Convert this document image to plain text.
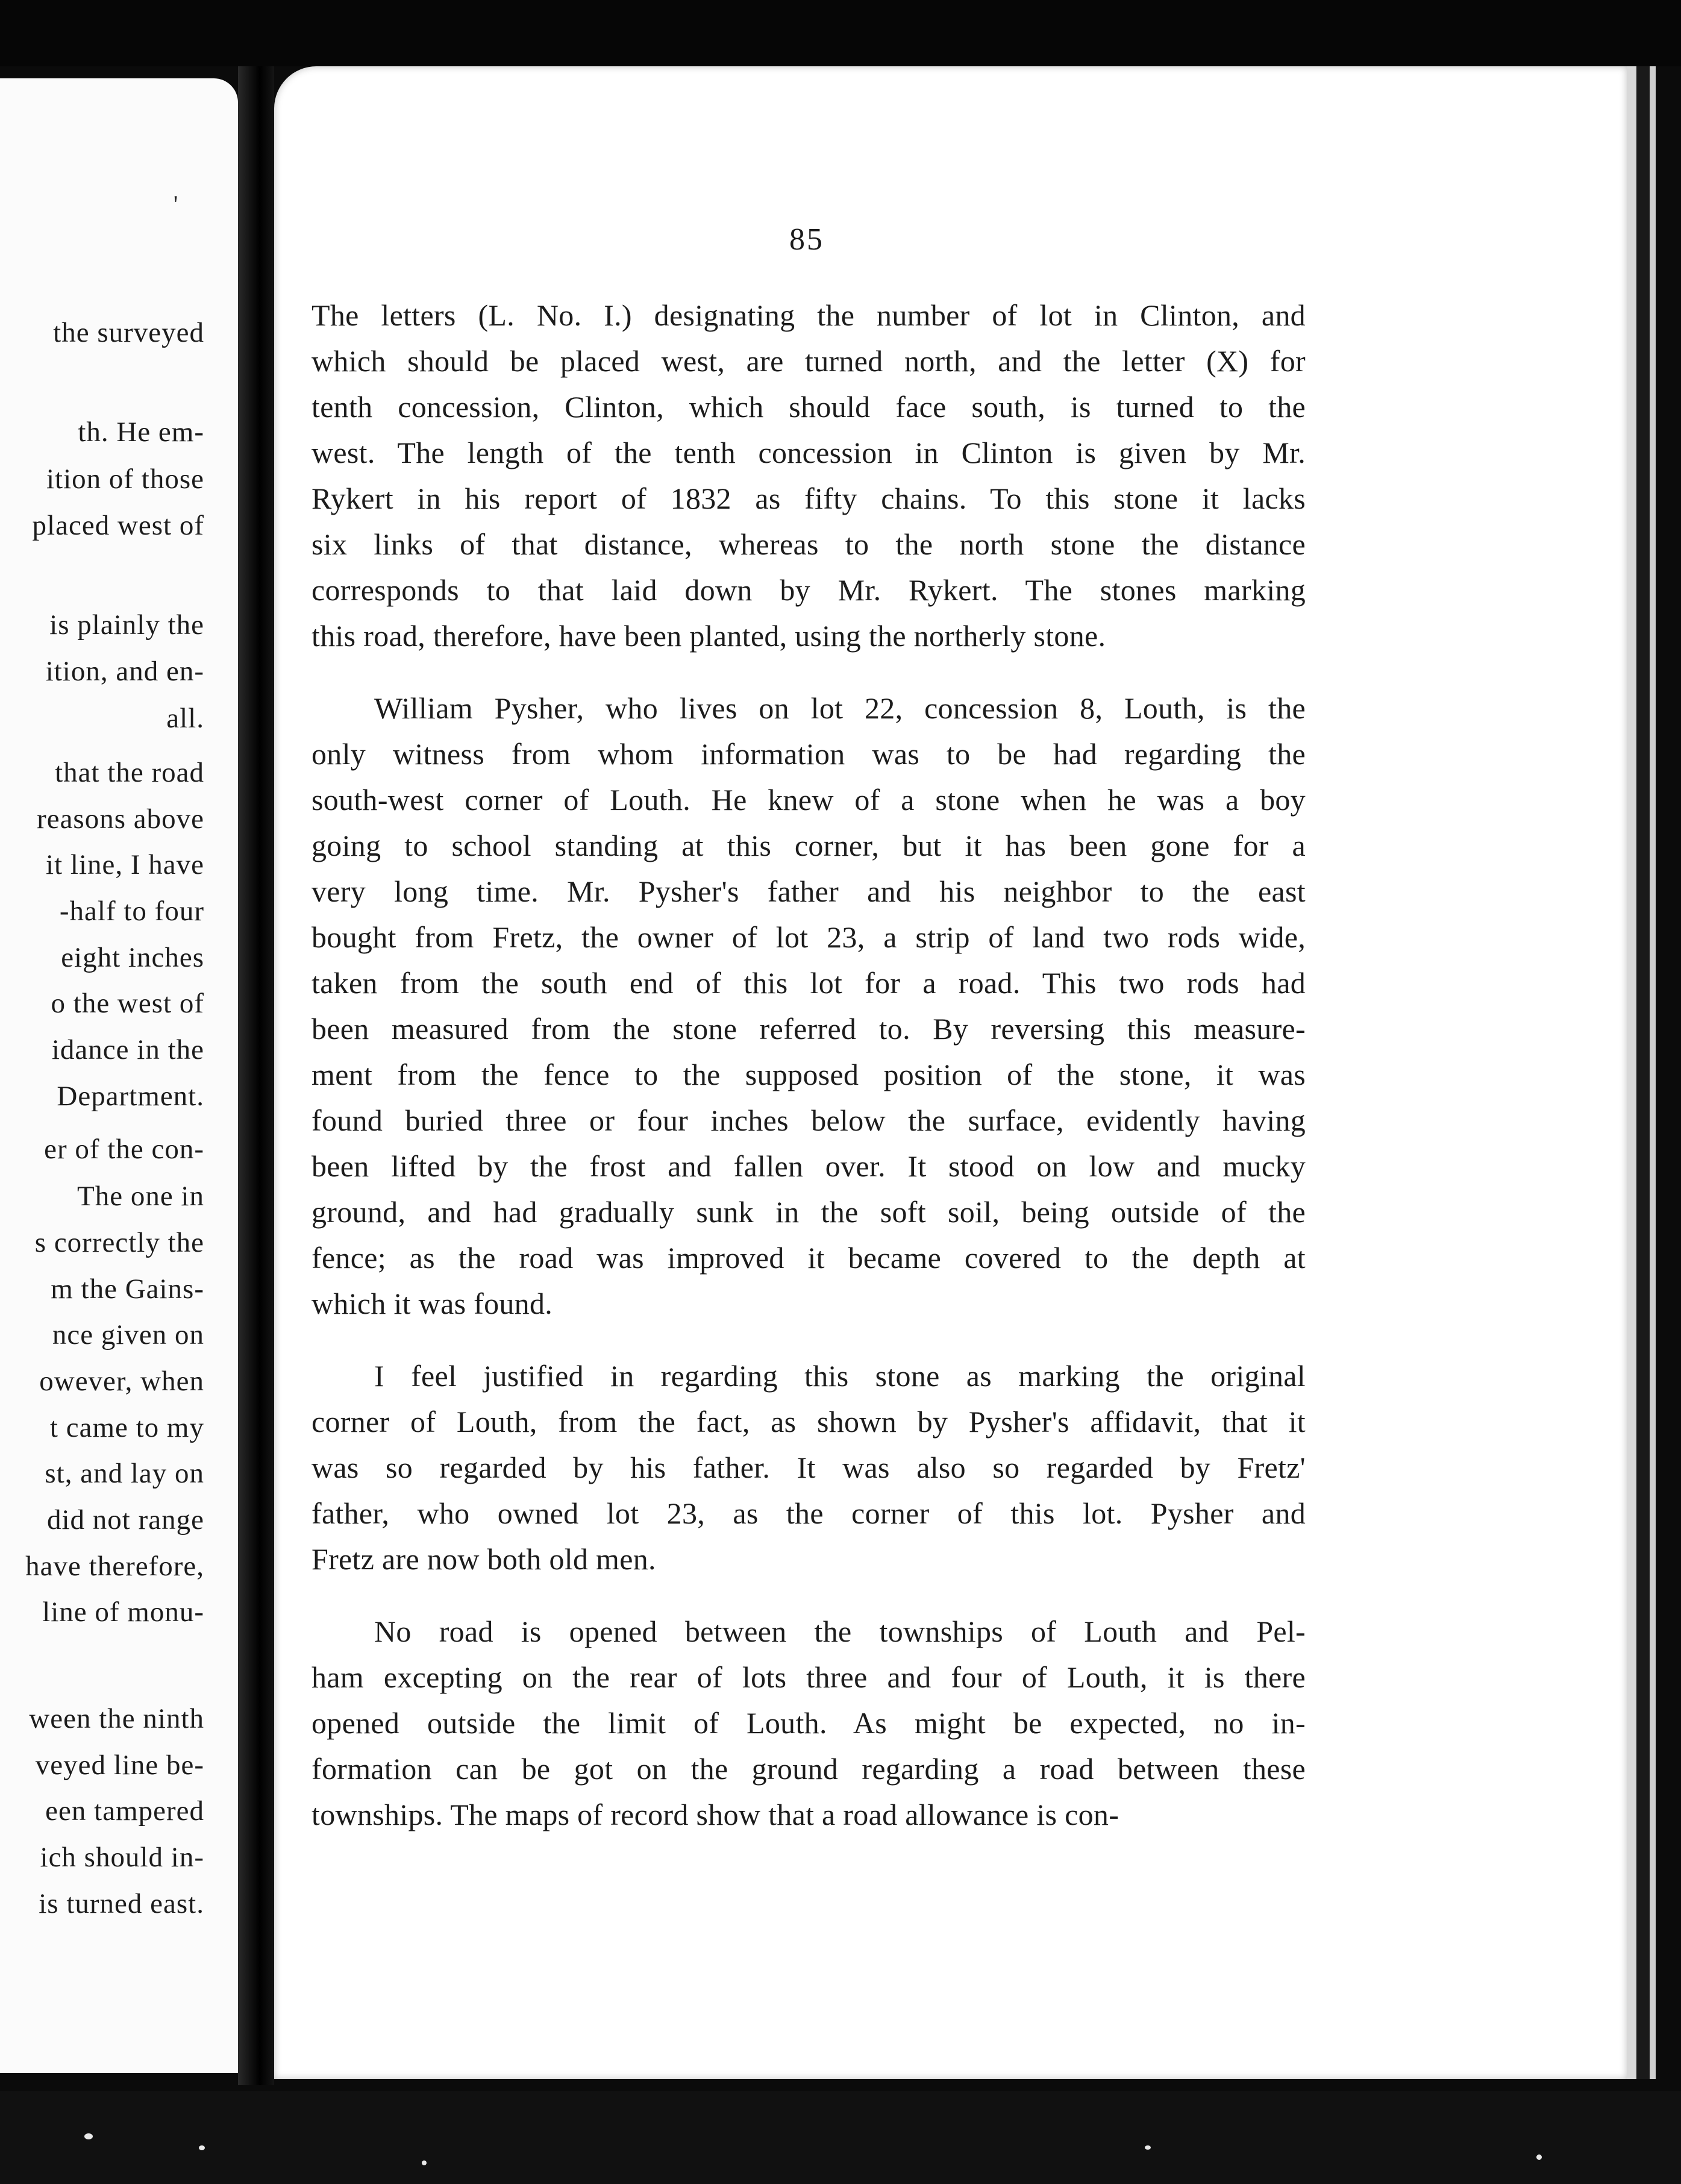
'
the surveyed
th. He em-
ition of those
placed west of
is plainly the
ition, and en-
all.
that the road
reasons above
it line, I have
-half to four
eight inches
o the west of
idance in the
Department.
er of the con-
The one in
s correctly the
m the Gains-
nce given on
owever, when
t came to my
st, and lay on
did not range
have therefore,
line of monu-
ween the ninth
veyed line be-
een tampered
ich should in-
is turned east.
85
The letters (L. No. I.) designating the number of lot in Clinton, and
which should be placed west, are turned north, and the letter (X) for
tenth concession, Clinton, which should face south, is turned to the
west. The length of the tenth concession in Clinton is given by Mr.
Rykert in his report of 1832 as fifty chains. To this stone it lacks
six links of that distance, whereas to the north stone the distance
corresponds to that laid down by Mr. Rykert. The stones marking
this road, therefore, have been planted, using the northerly stone.
William Pysher, who lives on lot 22, concession 8, Louth, is the
only witness from whom information was to be had regarding the
south-west corner of Louth. He knew of a stone when he was a boy
going to school standing at this corner, but it has been gone for a
very long time. Mr. Pysher's father and his neighbor to the east
bought from Fretz, the owner of lot 23, a strip of land two rods wide,
taken from the south end of this lot for a road. This two rods had
been measured from the stone referred to. By reversing this measure-
ment from the fence to the supposed position of the stone, it was
found buried three or four inches below the surface, evidently having
been lifted by the frost and fallen over. It stood on low and mucky
ground, and had gradually sunk in the soft soil, being outside of the
fence; as the road was improved it became covered to the depth at
which it was found.
I feel justified in regarding this stone as marking the original
corner of Louth, from the fact, as shown by Pysher's affidavit, that it
was so regarded by his father. It was also so regarded by Fretz'
father, who owned lot 23, as the corner of this lot. Pysher and
Fretz are now both old men.
No road is opened between the townships of Louth and Pel-
ham excepting on the rear of lots three and four of Louth, it is there
opened outside the limit of Louth. As might be expected, no in-
formation can be got on the ground regarding a road between these
townships. The maps of record show that a road allowance is con-
